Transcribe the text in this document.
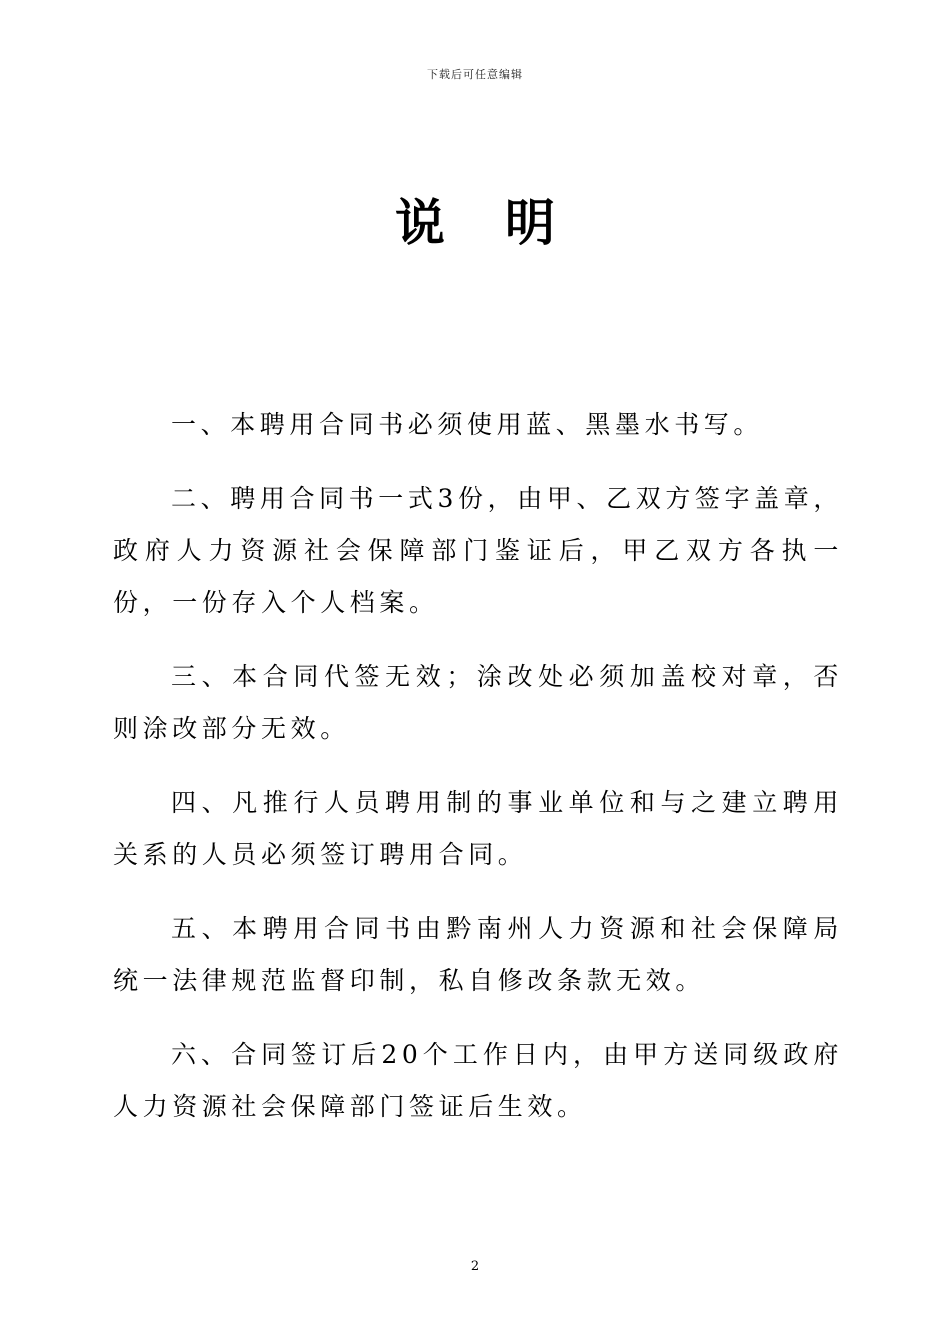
下载后可任意编辑
说明

一、本聘用合同书必须使用蓝、黑墨水书写。

二、聘用合同书一式3份，由甲、乙双方签字盖章，政府人力资源社会保障部门鉴证后，甲乙双方各执一份，一份存入个人档案。

三、本合同代签无效；涂改处必须加盖校对章，否则涂改部分无效。

四、凡推行人员聘用制的事业单位和与之建立聘用关系的人员必须签订聘用合同。

五、本聘用合同书由黔南州人力资源和社会保障局统一法律规范监督印制，私自修改条款无效。

六、合同签订后20个工作日内，由甲方送同级政府人力资源社会保障部门签证后生效。

2
